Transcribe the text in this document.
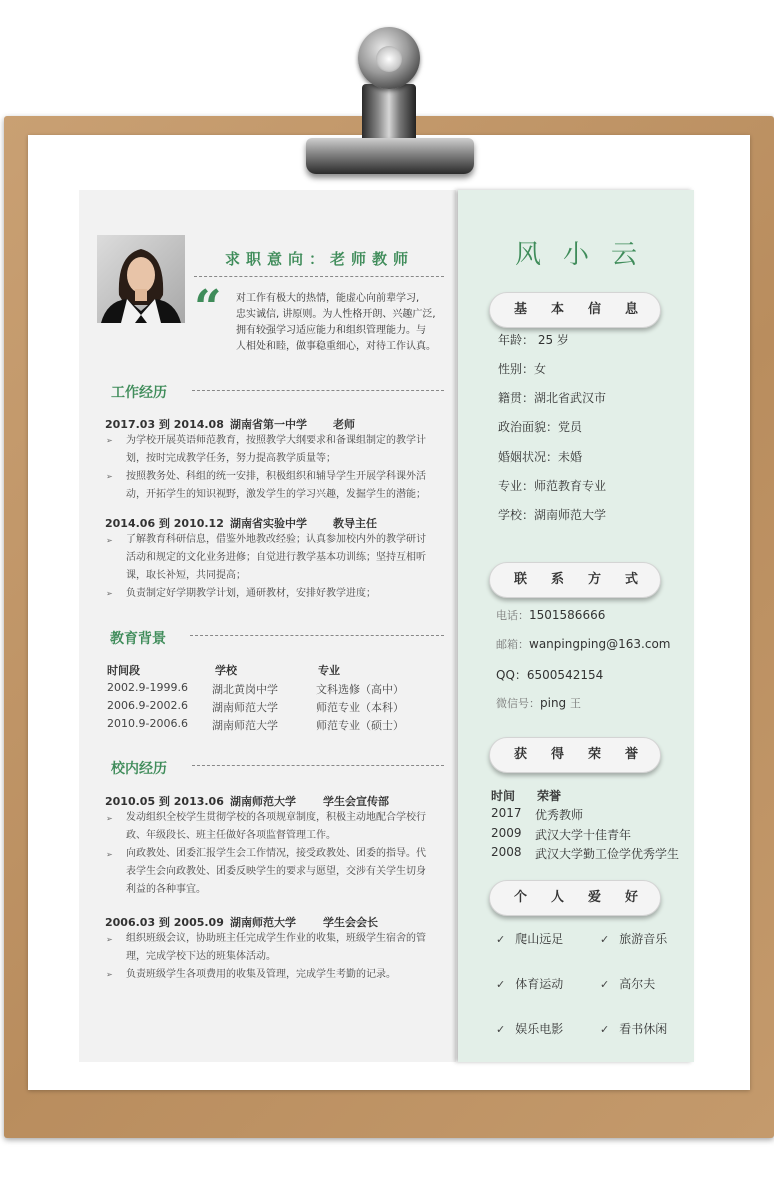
求职意向：老师教师
“ 对工作有极大的热情，能虚心向前辈学习,
忠实诚信, 讲原则。为人性格开朗、兴趣广泛,
拥有较强学习适应能力和组织管理能力。与
人相处和睦，做事稳重细心，对待工作认真。
工作经历
2017.03 到 2014.08 湖南省第一中学 老师
➢ 为学校开展英语师范教育，按照教学大纲要求和备课组制定的教学计
划，按时完成教学任务，努力提高教学质量等；
➢ 按照教务处、科组的统一安排，积极组织和辅导学生开展学科课外活
动，开拓学生的知识视野，激发学生的学习兴趣，发掘学生的潜能；
2014.06 到 2010.12 湖南省实验中学 教导主任
➢ 了解教育科研信息，借鉴外地教改经验；认真参加校内外的教学研讨
活动和规定的文化业务进修；自觉进行教学基本功训练；坚持互相听
课，取长补短，共同提高；
➢ 负责制定好学期教学计划，通研教材，安排好教学进度；
教育背景
时间段	学校	专业
2002.9-1999.6 湖北黄岗中学	文科选修（高中）
2006.9-2002.6 湖南师范大学	师范专业（本科）
2010.9-2006.6 湖南师范大学	师范专业（硕士）
校内经历
2010.05 到 2013.06 湖南师范大学 学生会宣传部
➢ 发动组织全校学生贯彻学校的各项规章制度，积极主动地配合学校行
政、年级段长、班主任做好各项监督管理工作。
➢ 向政教处、团委汇报学生会工作情况，接受政教处、团委的指导。代
表学生会向政教处、团委反映学生的要求与愿望，交涉有关学生切身
利益的各种事宜。
2006.03 到 2005.09 湖南师范大学 学生会会长
➢ 组织班级会议，协助班主任完成学生作业的收集，班级学生宿舍的管
理，完成学校下达的班集体活动。
➢ 负责班级学生各项费用的收集及管理，完成学生考勤的记录。
风小云
基本信息
年龄： 25 岁
性别：女
籍贯：湖北省武汉市
政治面貌：党员
婚姻状况：未婚
专业：师范教育专业
学校：湖南师范大学
联系方式
电话：1501586666
邮箱：wanpingping@163.com
QQ：6500542154
微信号：ping 王
获得荣誉
时间 荣誉
2017 优秀教师
2009 武汉大学十佳青年
2008 武汉大学勤工俭学优秀学生
个人爱好
✓ 爬山远足	✓ 旅游音乐
✓ 体育运动	✓ 高尔夫
✓ 娱乐电影	✓ 看书休闲
